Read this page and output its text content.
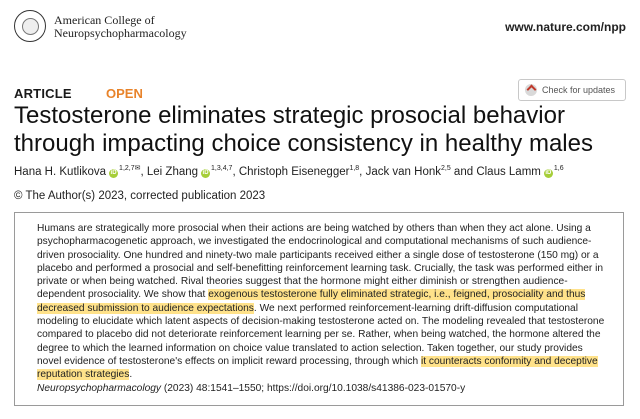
American College of
Neuropsychopharmacology	www.nature.com/npp
ARTICLE	OPEN	Check for updates
Testosterone eliminates strategic prosocial behavior through impacting choice consistency in healthy males
Hana H. Kutlikova $iD^{1,2,7✉}$, Lei Zhang iD$^{1,3,4,7}$, Christoph Eisenegger$^{1,8}$, Jack van Honk$^{2,5}$ and Claus Lamm iD$^{1,6}$
© The Author(s) 2023, corrected publication 2023

Humans are strategically more prosocial when their actions are being watched by others than when they act alone. Using a psychopharmacogenetic approach, we investigated the endocrinological and computational mechanisms of such audience-driven prosociality. One hundred and ninety-two male participants received either a single dose of testosterone (150 mg) or a placebo and performed a prosocial and self-benefitting reinforcement learning task. Crucially, the task was performed either in private or when being watched. Rival theories suggest that the hormone might either diminish or strengthen audience-dependent prosociality. We show that exogenous testosterone fully eliminated strategic, i.e., feigned, prosociality and thus decreased submission to audience expectations. We next performed reinforcement-learning drift-diffusion computational modeling to elucidate which latent aspects of decision-making testosterone acted on. The modeling revealed that testosterone compared to placebo did not deteriorate reinforcement learning per se. Rather, when being watched, the hormone altered the degree to which the learned information on choice value translated to action selection. Taken together, our study provides novel evidence of testosterone's effects on implicit reward processing, through which it counteracts conformity and deceptive reputation strategies.

Neuropsychopharmacology (2023) 48:1541–1550; https://doi.org/10.1038/s41386-023-01570-y
